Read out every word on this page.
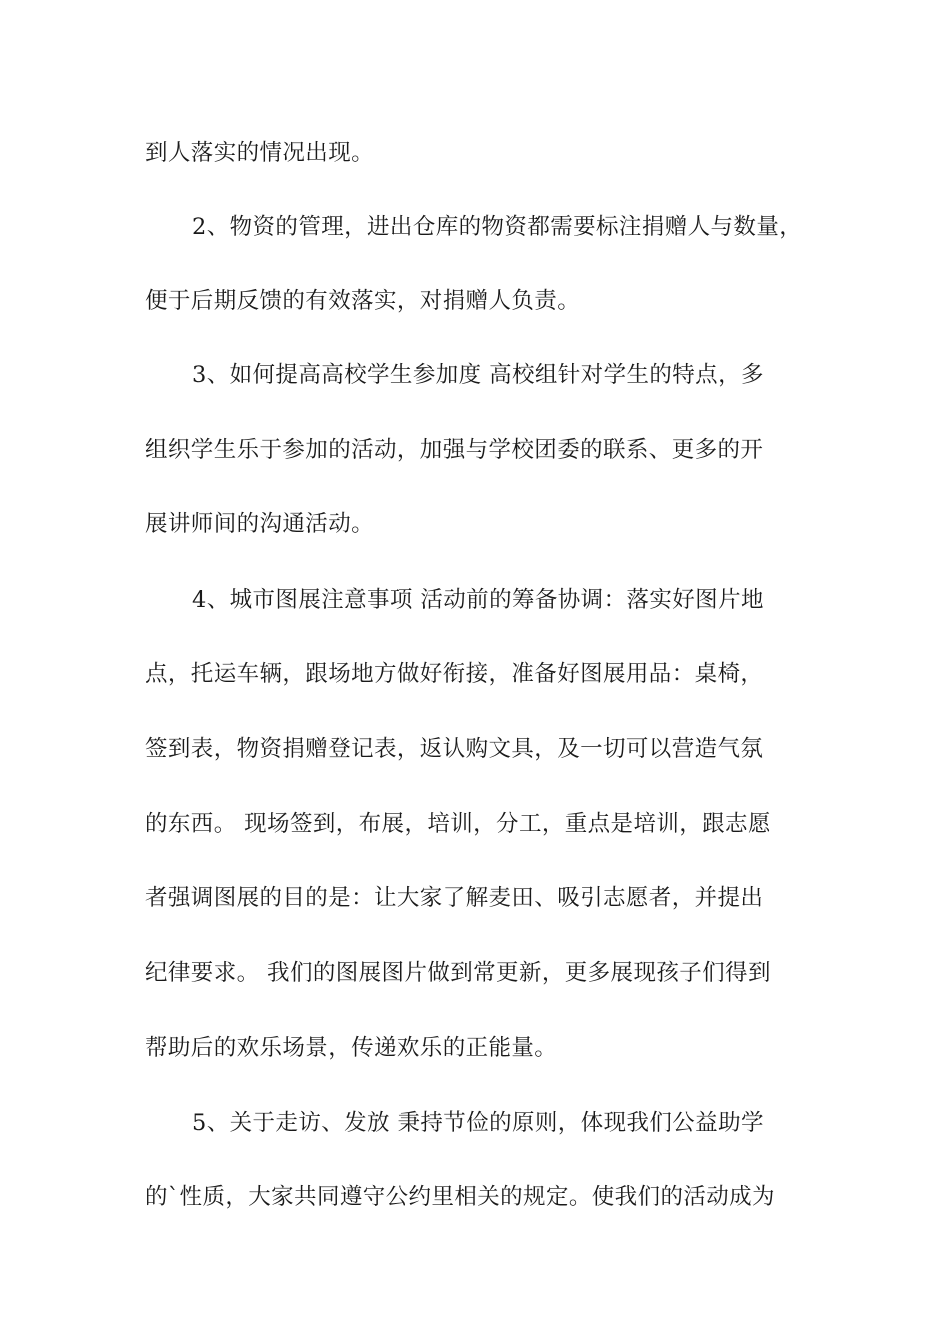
到人落实的情况出现。
2、物资的管理，进出仓库的物资都需要标注捐赠人与数量，
便于后期反馈的有效落实，对捐赠人负责。
3、如何提高高校学生参加度 高校组针对学生的特点，多
组织学生乐于参加的活动，加强与学校团委的联系、更多的开
展讲师间的沟通活动。
4、城市图展注意事项 活动前的筹备协调：落实好图片地
点，托运车辆，跟场地方做好衔接，准备好图展用品：桌椅，
签到表，物资捐赠登记表，返认购文具，及一切可以营造气氛
的东西。 现场签到，布展，培训，分工，重点是培训，跟志愿
者强调图展的目的是：让大家了解麦田、吸引志愿者，并提出
纪律要求。 我们的图展图片做到常更新，更多展现孩子们得到
帮助后的欢乐场景，传递欢乐的正能量。
5、关于走访、发放 秉持节俭的原则，体现我们公益助学
的`性质，大家共同遵守公约里相关的规定。使我们的活动成为
